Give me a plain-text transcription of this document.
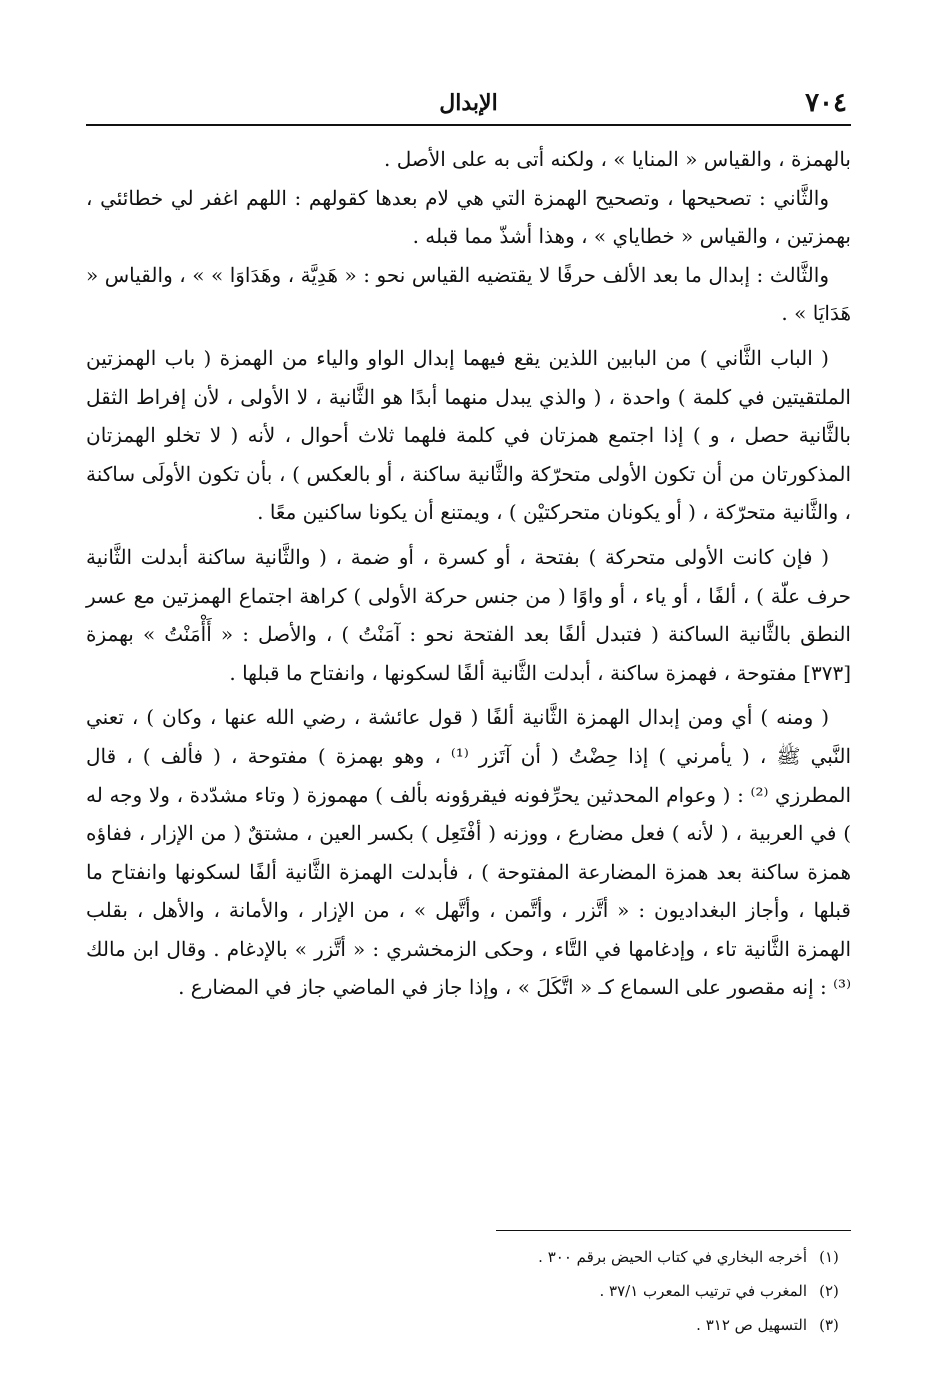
٧٠٤
الإبدال

بالهمزة ، والقياس « المنايا » ، ولكنه أتى به على الأصل .

والثَّاني : تصحيحها ، وتصحيح الهمزة التي هي لام بعدها كقولهم : اللهم اغفر لي خطائئي ، بهمزتين ، والقياس « خطاياي » ، وهذا أشذّ مما قبله .

والثَّالث : إبدال ما بعد الألف حرفًا لا يقتضيه القياس نحو : « هَدِيَّة ، وهَدَاوَا » » ، والقياس « هَدَايَا » .

( الباب الثَّاني ) من البابين اللذين يقع فيهما إبدال الواو والياء من الهمزة ( باب الهمزتين الملتقيتين في كلمة ) واحدة ، ( والذي يبدل منهما أبدًا هو الثَّانية ، لا الأولى ، لأن إفراط الثقل بالثَّانية حصل ، و ) إذا اجتمع همزتان في كلمة فلهما ثلاث أحوال ، لأنه ( لا تخلو الهمزتان المذكورتان من أن تكون الأولى متحرّكة والثَّانية ساكنة ، أو بالعكس ) ، بأن تكون الأولَى ساكنة ، والثَّانية متحرّكة ، ( أو يكونان متحركتيْن ) ، ويمتنع أن يكونا ساكنين معًا .

( فإن كانت الأولى متحركة ) بفتحة ، أو كسرة ، أو ضمة ، ( والثَّانية ساكنة أبدلت الثَّانية حرف علّة ) ، ألفًا ، أو ياء ، أو واوًا ( من جنس حركة الأولى ) كراهة اجتماع الهمزتين مع عسر النطق بالثَّانية الساكنة ( فتبدل ألفًا بعد الفتحة نحو : آمَنْتُ ) ، والأصل : « أَأْمَنْتُ » بهمزة [٣٧٣] مفتوحة ، فهمزة ساكنة ، أبدلت الثَّانية ألفًا لسكونها ، وانفتاح ما قبلها .

( ومنه ) أي ومن إبدال الهمزة الثَّانية ألفًا ( قول عائشة ، رضي الله عنها ، وكان ) ، تعني النَّبي ﷺ ، ( يأمرني ) إذا حِضْتُ ( أن آتَزر ⁽¹⁾ ، وهو بهمزة ) مفتوحة ، ( فألف ) ، قال المطرزي ⁽²⁾ : ( وعوام المحدثين يحرِّفونه فيقرؤونه بألف ) مهموزة ( وتاء مشدّدة ، ولا وجه له ) في العربية ، ( لأنه ) فعل مضارع ، ووزنه ( أفْتَعِل ) بكسر العين ، مشتقٌ ( من الإزار ، ففاؤه همزة ساكنة بعد همزة المضارعة المفتوحة ) ، فأبدلت الهمزة الثَّانية ألفًا لسكونها وانفتاح ما قبلها ، وأجاز البغداديون : « أتَّزر ، وأتَّمن ، وأتَّهل » ، من الإزار ، والأمانة ، والأهل ، بقلب الهمزة الثَّانية تاء ، وإدغامها في التَّاء ، وحكى الزمخشري : « أتَّزر » بالإدغام . وقال ابن مالك ⁽³⁾ : إنه مقصور على السماع كـ « اتَّكَلَ » ، وإذا جاز في الماضي جاز في المضارع .

(١)
أخرجه البخاري في كتاب الحيض برقم ٣٠٠ .
(٢)
المغرب في ترتيب المعرب ٣٧/١ .
(٣)
التسهيل ص ٣١٢ .
